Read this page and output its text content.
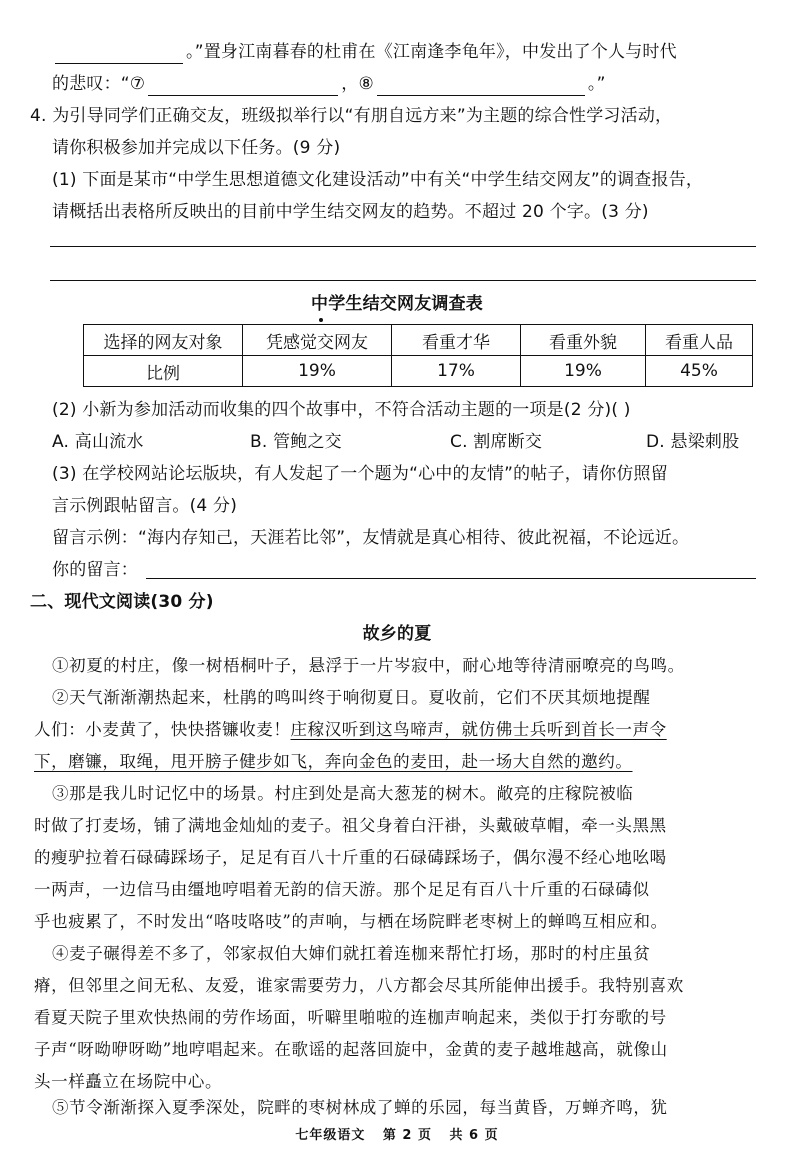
。”置身江南暮春的杜甫在《江南逢李龟年》，中发出了个人与时代
的悲叹：“⑦	，⑧	。”
4. 为引导同学们正确交友，班级拟举行以“有朋自远方来”为主题的综合性学习活动，
请你积极参加并完成以下任务。(9 分)
(1) 下面是某市“中学生思想道德文化建设活动”中有关“中学生结交网友”的调查报告，
请概括出表格所反映出的目前中学生结交网友的趋势。不超过 20 个字。(3 分)
中学生结交网友调查表
选择的网友对象	凭感觉交网友	看重才华	看重外貌	看重人品
比例	19%	17%	19%	45%
(2) 小新为参加活动而收集的四个故事中，不符合活动主题的一项是(2 分)( )
A. 高山流水	B. 管鲍之交	C. 割席断交	D. 悬梁刺股
(3) 在学校网站论坛版块，有人发起了一个题为“心中的友情”的帖子，请你仿照留
言示例跟帖留言。(4 分)
留言示例：“海内存知己，天涯若比邻”，友情就是真心相待、彼此祝福，不论远近。
你的留言：
二、现代文阅读(30 分)
故乡的夏
①初夏的村庄，像一树梧桐叶子，悬浮于一片岑寂中，耐心地等待清丽嘹亮的鸟鸣。
②天气渐渐潮热起来，杜鹃的鸣叫终于响彻夏日。夏收前，它们不厌其烦地提醒
人们：小麦黄了，快快搭镰收麦！庄稼汉听到这鸟啼声，就仿佛士兵听到首长一声令
下，磨镰，取绳，甩开膀子健步如飞，奔向金色的麦田，赴一场大自然的邀约。
③那是我儿时记忆中的场景。村庄到处是高大葱茏的树木。敞亮的庄稼院被临
时做了打麦场，铺了满地金灿灿的麦子。祖父身着白汗褂，头戴破草帽，牵一头黑黑
的瘦驴拉着石碌碡踩场子，足足有百八十斤重的石碌碡踩场子，偶尔漫不经心地吆喝
一两声，一边信马由缰地哼唱着无韵的信天游。那个足足有百八十斤重的石碌碡似
乎也疲累了，不时发出“咯吱咯吱”的声响，与栖在场院畔老枣树上的蝉鸣互相应和。
④麦子碾得差不多了，邻家叔伯大婶们就扛着连枷来帮忙打场，那时的村庄虽贫
瘠，但邻里之间无私、友爱，谁家需要劳力，八方都会尽其所能伸出援手。我特别喜欢
看夏天院子里欢快热闹的劳作场面，听噼里啪啦的连枷声响起来，类似于打夯歌的号
子声“呀呦咿呀呦”地哼唱起来。在歌谣的起落回旋中，金黄的麦子越堆越高，就像山
头一样矗立在场院中心。
⑤节令渐渐探入夏季深处，院畔的枣树林成了蝉的乐园，每当黄昏，万蝉齐鸣，犹
七年级语文 第 2 页 共 6 页
